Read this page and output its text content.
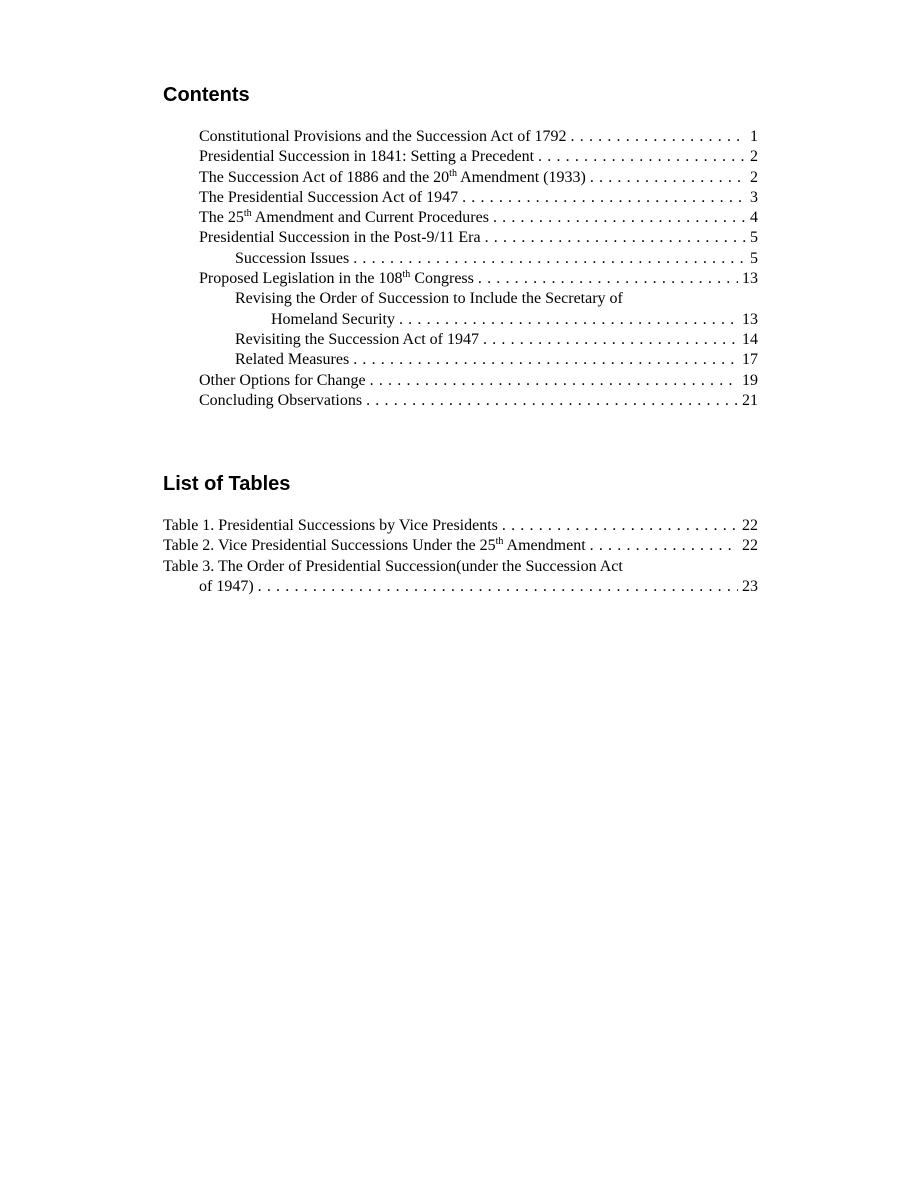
Contents
Constitutional Provisions and the Succession Act of 1792 . . .	1
Presidential Succession in 1841: Setting a Precedent . . .	2
The Succession Act of 1886 and the 20th Amendment (1933) . . .	2
The Presidential Succession Act of 1947 . . .	3
The 25th Amendment and Current Procedures . . .	4
Presidential Succession in the Post-9/11 Era . . .	5
Succession Issues . . .	5
Proposed Legislation in the 108th Congress . . .	13
Revising the Order of Succession to Include the Secretary of
Homeland Security . . .	13
Revisiting the Succession Act of 1947 . . .	14
Related Measures . . .	17
Other Options for Change . . .	19
Concluding Observations . . .	21
List of Tables
Table 1. Presidential Successions by Vice Presidents . . .	22
Table 2. Vice Presidential Successions Under the 25th Amendment . . .	22
Table 3. The Order of Presidential Succession(under the Succession Act
of 1947) . . .	23
